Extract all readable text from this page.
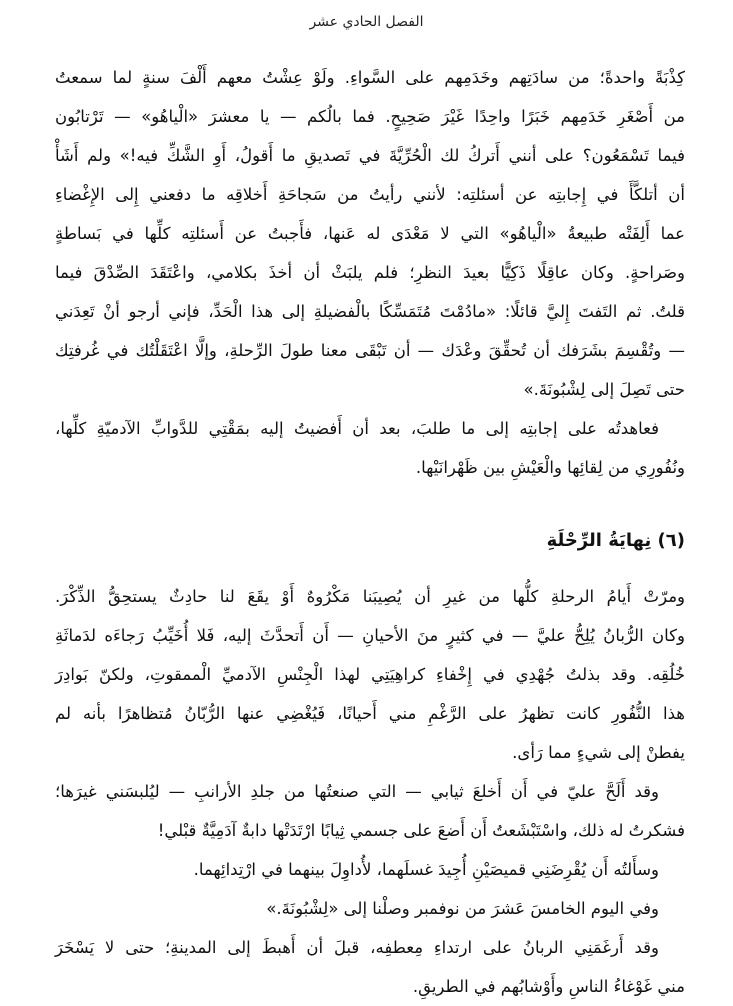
الفصل الحادي عشر

كِذْبَةً واحدةً؛ من سادَتِهم وخَدَمِهم على السَّواءِ. ولَوْ عِشْتُ معهم أَلْفَ سنةٍ لما سمعتُ
من أَصْغَرِ خَدَمِهم خَبَرًا واحِدًا غَيْرَ صَحِيحٍ. فما بالُكم — يا معشرَ «الْياهُو» — تَرْتابُون
فيما تَسْمَعُون؟ على أنني أَتركُ لك الْحُرِّيَّةَ في تَصديقِ ما أَقولُ، أَوِ الشَّكِّ فيه!» ولم أَشَأْ
أن أتلكَّأَ في إِجابتِه عن أسئلتِه: لأنني رأيتُ من سَجاحَةِ أَخلاقِه ما دفعني إِلى الإِغْضاءِ
عما أَلِفَتْه طبيعةُ «الْياهُو» التي لا مَعْدَى له عَنها، فأَجبتُ عن أَسئلتِه كلِّها في بَساطةٍ
وصَراحةٍ. وكان عاقِلًا ذَكِيًّا بعيدَ النظرِ؛ فلم يلبَثْ أن أخذَ بكلامي، واعْتَقَدَ الصِّدْقَ فيما
قلتُ. ثم التَفتَ إِليَّ قائلًا: «مادُمْتَ مُتَمَسِّكًا بالْفضيلةِ إلى هذا الْحَدِّ، فإني أرجو أنْ تَعِدَني
— وتُقْسِمَ بشَرَفك أن تُحقِّقَ وعْدَك — أن تَبْقَى معنا طولَ الرِّحلةِ، وإلَّا اعْتَقَلْتُك في غُرفتِك
حتى تَصِلَ إلى لِشْبُونَةَ.»

فعاهدتُه على إجابتِه إلى ما طلبَ، بعد أن أَفضيتُ إليه بمَقْتِي للدَّوابِّ الآدميّةِ كلِّها،
ونُفُورِي من لِقائِها والْعَيْشِ بين ظَهْرانَيْها.

(٦) نِهايَةُ الرِّحْلَةِ

ومرّتْ أَيامُ الرحلةِ كلُّها من غيرِ أن يُصِيبَنا مَكْرُوهٌ أَوْ يقَعَ لنا حادِثٌ يستحِقُّ الذِّكْرَ.
وكان الرُّبانُ يُلِحُّ عليَّ — في كثيرٍ منَ الأحيانِ — أَن أَتحدَّثَ إليه، فَلا أُخَيِّبُ رَجاءَه لدَماثَةِ
خُلُقِه. وقد بذلتُ جُهْدِي في إِخْفاءِ كراهِيَتِي لهذا الْجِنْسِ الآدميِّ الْممقوتِ، ولكنّ بَوادِرَ
هذا النُّفُورِ كانت تظهرُ على الرَّغْمِ مني أَحيانًا، فَيُغْضِي عنها الرُّبّانُ مُتظاهرًا بأنه لم
يفطنْ إلى شيءٍ مما رَأى.

وقد أَلَحَّ عليّ في أَن أَخلعَ ثيابي — التي صنعتُها من جلدِ الأرانبِ — ليُلبسَني غيرَها؛
فشكرتُ له ذلك، واسْتَبْشَعتُ أَن أَضعَ على جسمي ثِيابًا ارْتَدَتْها دابةٌ آدَمِيَّةٌ قبْلي!

وسأَلتُه أَن يُقْرِضَنِي قميصَيْنِ أُجِيدَ غسلَهما، لأُداوِلَ بينهما في ارْتِدائِهما.

وفي اليوم الخامسَ عَشرَ من نوفمبر وصلْنا إلى «لِشْبُونَةَ.»

وقد أَرغَمَنِي الربانُ على ارتداءِ مِعطفِه، قبلَ أن أَهبطَ إلى المدينةِ؛ حتى لا يَسْخَرَ
مني غَوْغاءُ الناسِ وأَوْشابُهم في الطريقِ.
